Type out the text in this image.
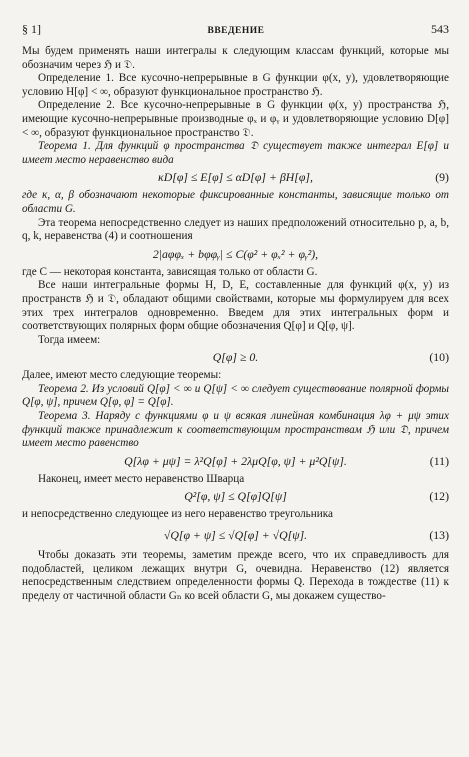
§ 1]	ВВЕДЕНИЕ	543

Мы будем применять наши интегралы к следующим классам функций, которые мы обозначим через ℌ и 𝔇.

Определение 1. Все кусочно-непрерывные в G функции φ(x, y), удовлетворяющие условию H[φ] < ∞, образуют функциональное пространство ℌ.

Определение 2. Все кусочно-непрерывные в G функции φ(x, y) пространства ℌ, имеющие кусочно-непрерывные производные φₓ и φᵧ и удовлетворяющие условию D[φ] < ∞, образуют функциональное пространство 𝔇.

Теорема 1. Для функций φ пространства 𝔇 существует также интеграл E[φ] и имеет место неравенство вида

κD[φ] ≤ E[φ] ≤ αD[φ] + βH[φ],	(9)

где κ, α, β обозначают некоторые фиксированные константы, зависящие только от области G.

Эта теорема непосредственно следует из наших предположений относительно p, a, b, q, k, неравенства (4) и соотношения

2|aφφₓ + bφφᵧ| ≤ C(φ² + φₓ² + φᵧ²),

где C — некоторая константа, зависящая только от области G.

Все наши интегральные формы H, D, E, составленные для функций φ(x, y) из пространств ℌ и 𝔇, обладают общими свойствами, которые мы формулируем для всех этих трех интегралов одновременно. Введем для этих интегральных форм и соответствующих полярных форм общие обозначения Q[φ] и Q[φ, ψ].

Тогда имеем:

Q[φ] ≥ 0.	(10)

Далее, имеют место следующие теоремы:

Теорема 2. Из условий Q[φ] < ∞ и Q[ψ] < ∞ следует существование полярной формы Q[φ, ψ], причем Q[φ, φ] = Q[φ].

Теорема 3. Наряду с функциями φ и ψ всякая линейная комбинация λφ + μψ этих функций также принадлежит к соответствующим пространствам ℌ или 𝔇, причем имеет место равенство

Q[λφ + μψ] = λ²Q[φ] + 2λμQ[φ, ψ] + μ²Q[ψ].	(11)

Наконец, имеет место неравенство Шварца

Q²[φ, ψ] ≤ Q[φ]Q[ψ]	(12)

и непосредственно следующее из него неравенство треугольника

√Q[φ + ψ] ≤ √Q[φ] + √Q[ψ].	(13)

Чтобы доказать эти теоремы, заметим прежде всего, что их справедливость для подобластей, целиком лежащих внутри G, очевидна. Неравенство (12) является непосредственным следствием определенности формы Q. Перехода в тождестве (11) к пределу от частичной области Gₙ ко всей области G, мы докажем существо-
